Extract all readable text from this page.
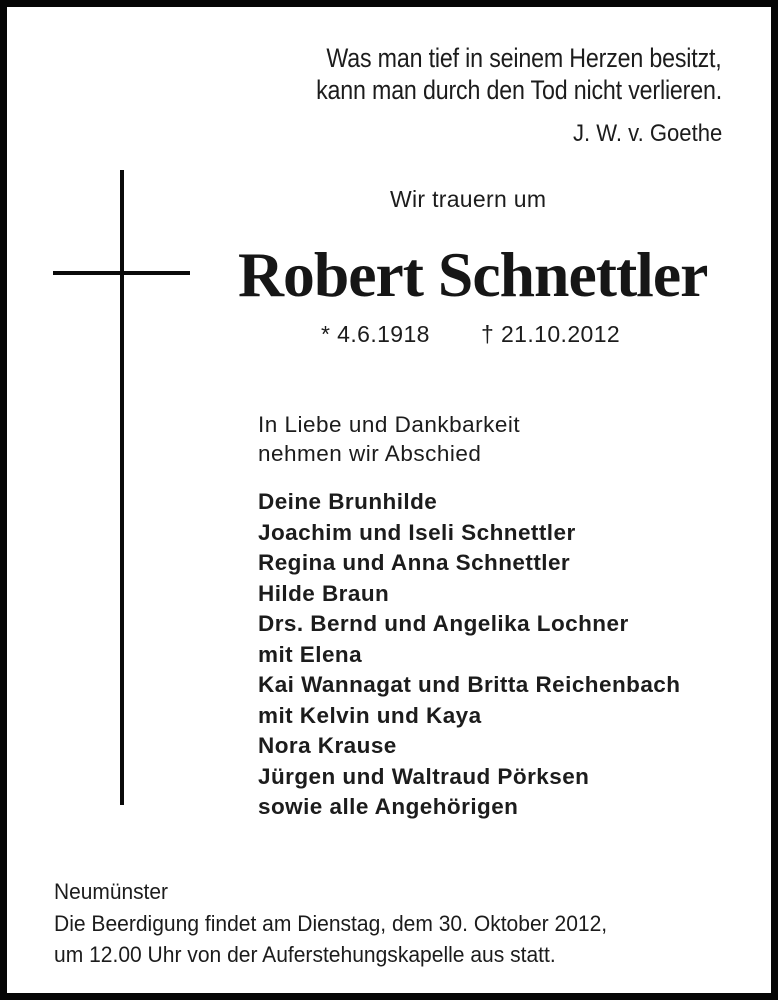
Was man tief in seinem Herzen besitzt,
kann man durch den Tod nicht verlieren.
J. W. v. Goethe
Wir trauern um
Robert Schnettler
* 4.6.1918 † 21.10.2012
In Liebe und Dankbarkeit
nehmen wir Abschied
Deine Brunhilde
Joachim und Iseli Schnettler
Regina und Anna Schnettler
Hilde Braun
Drs. Bernd und Angelika Lochner
mit Elena
Kai Wannagat und Britta Reichenbach
mit Kelvin und Kaya
Nora Krause
Jürgen und Waltraud Pörksen
sowie alle Angehörigen
Neumünster
Die Beerdigung findet am Dienstag, dem 30. Oktober 2012,
um 12.00 Uhr von der Auferstehungskapelle aus statt.
